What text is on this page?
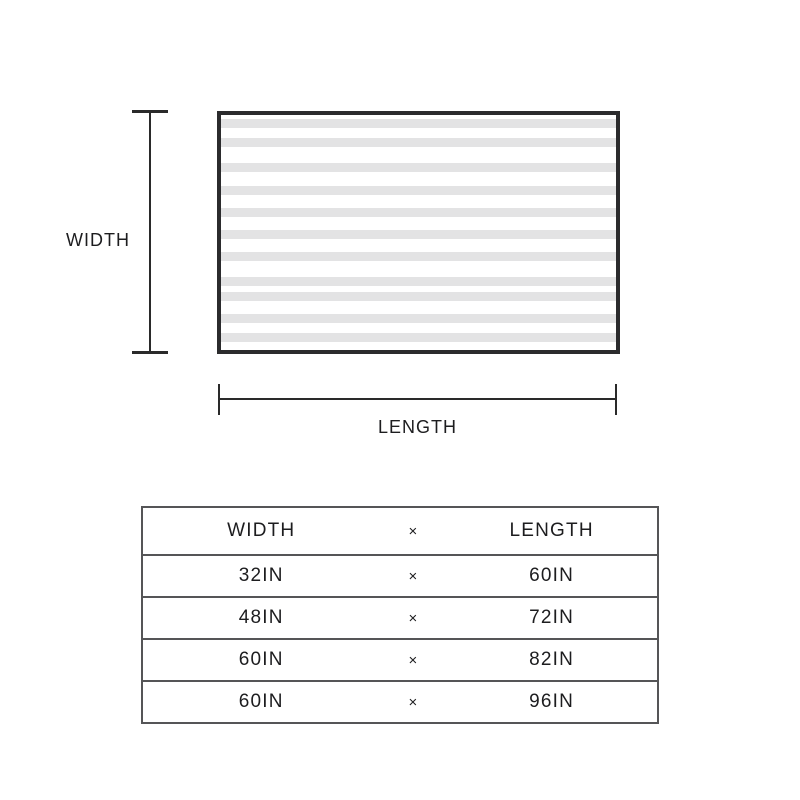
WIDTH
LENGTH
WIDTH	×	LENGTH
32IN	×	60IN
48IN	×	72IN
60IN	×	82IN
60IN	×	96IN
